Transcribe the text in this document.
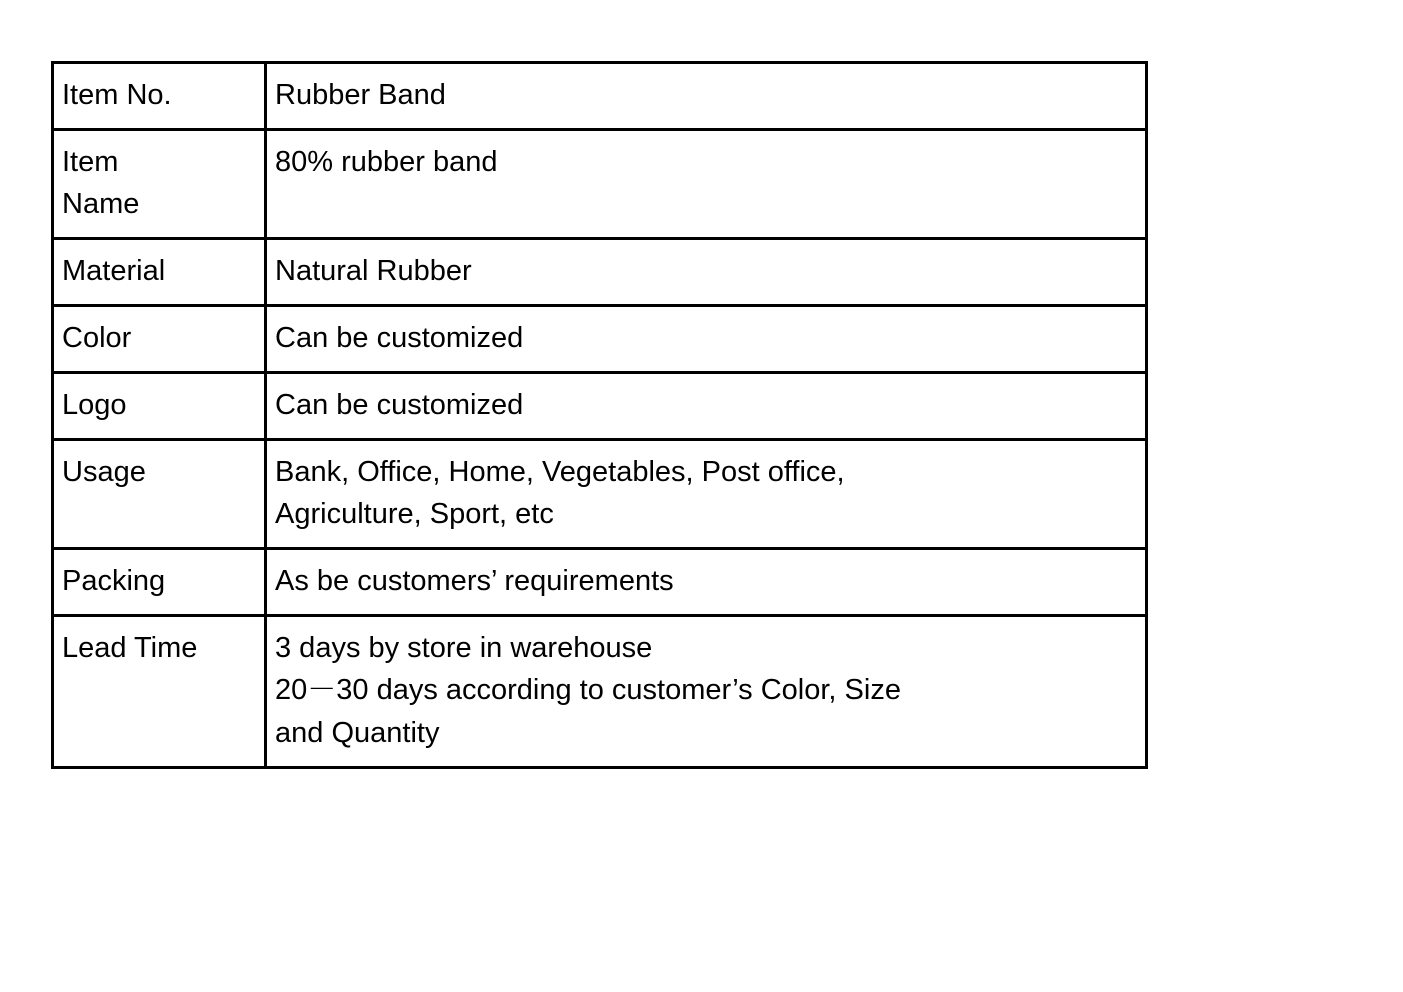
Item No.	Rubber Band

Item
Name	80% rubber band

Material	Natural Rubber

Color	Can be customized

Logo	Can be customized

Usage	Bank, Office, Home, Vegetables, Post office,
Agriculture, Sport, etc

Packing	As be customers’ requirements

Lead Time	3 days by store in warehouse
20－30 days according to customer’s Color, Size
and Quantity
